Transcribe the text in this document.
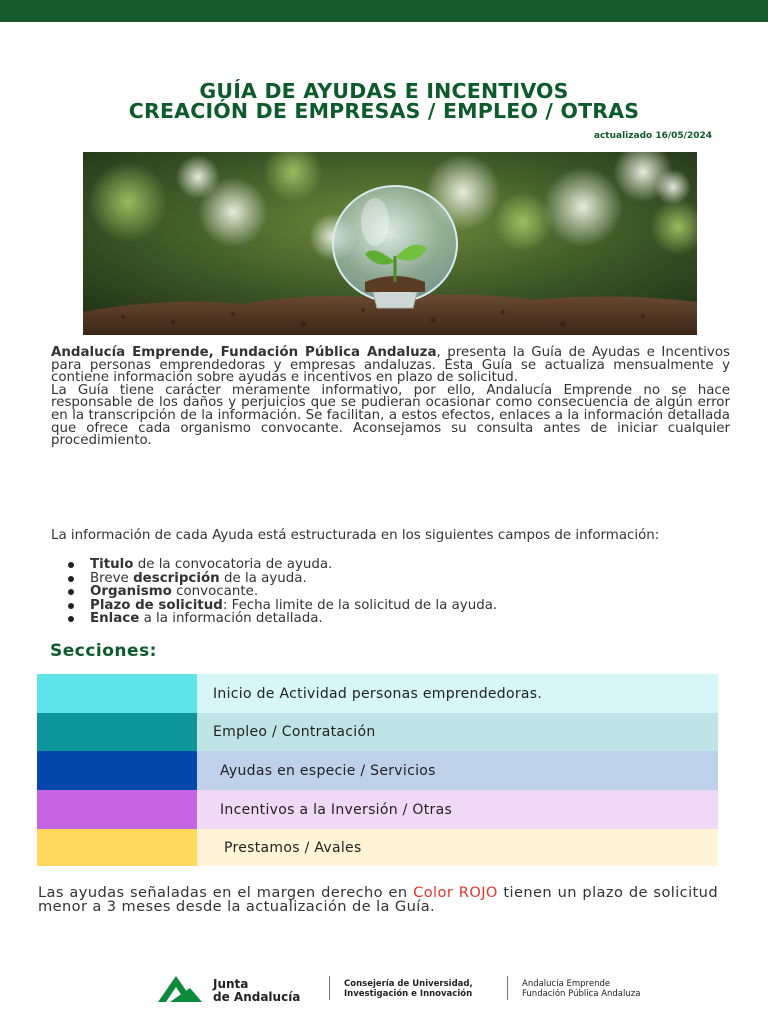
GUÍA DE AYUDAS E INCENTIVOS
CREACIÓN DE EMPRESAS / EMPLEO / OTRAS
actualizado 16/05/2024
Andalucía Emprende, Fundación Pública Andaluza, presenta la Guía de Ayudas e Incentivos para personas emprendedoras y empresas andaluzas. Esta Guía se actualiza mensualmente y contiene información sobre ayudas e incentivos en plazo de solicitud.
La Guía tiene carácter meramente informativo, por ello, Andalucía Emprende no se hace responsable de los daños y perjuicios que se pudieran ocasionar como consecuencia de algún error en la transcripción de la información. Se facilitan, a estos efectos, enlaces a la información detallada que ofrece cada organismo convocante. Aconsejamos su consulta antes de iniciar cualquier procedimiento.
La información de cada Ayuda está estructurada en los siguientes campos de información:
Titulo de la convocatoria de ayuda.
Breve descripción de la ayuda.
Organismo convocante.
Plazo de solicitud: Fecha limite de la solicitud de la ayuda.
Enlace a la información detallada.
Secciones:
Inicio de Actividad personas emprendedoras.
Empleo / Contratación
Ayudas en especie / Servicios
Incentivos a la Inversión / Otras
Prestamos / Avales
Las ayudas señaladas en el margen derecho en Color ROJO tienen un plazo de solicitud menor a 3 meses desde la actualización de la Guía.
Junta
de Andalucía
Consejería de Universidad,
Investigación e Innovación
Andalucía Emprende
Fundación Pública Andaluza
